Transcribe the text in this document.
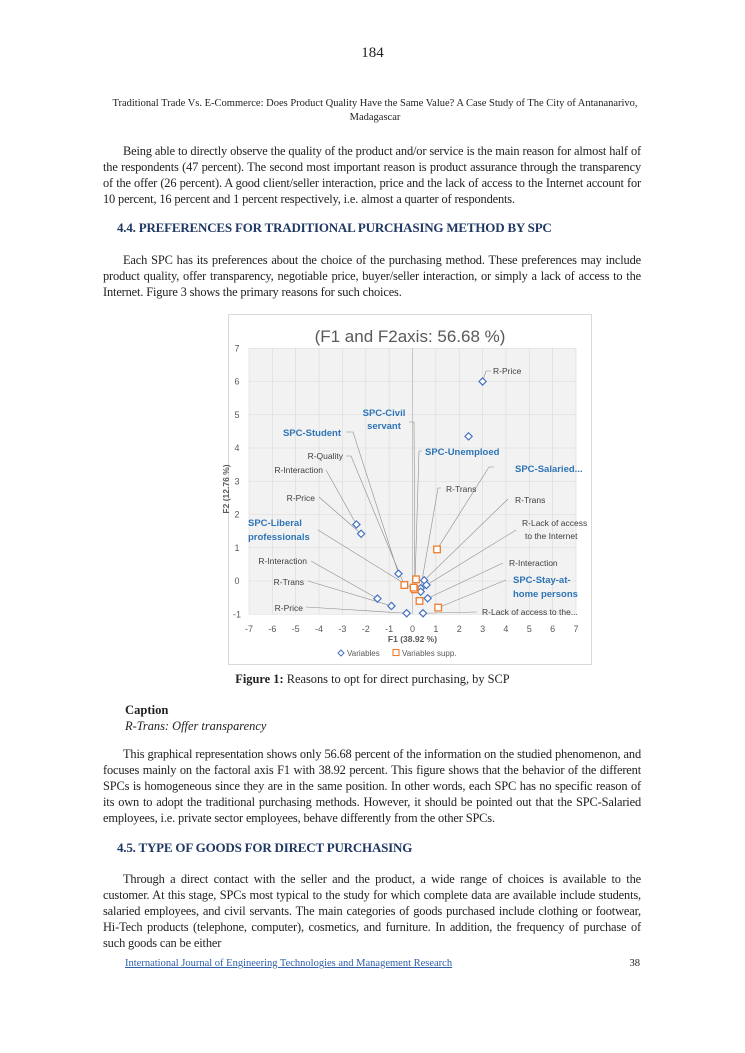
184
Traditional Trade Vs. E-Commerce: Does Product Quality Have the Same Value? A Case Study of The City of Antananarivo, Madagascar
Being able to directly observe the quality of the product and/or service is the main reason for almost half of the respondents (47 percent). The second most important reason is product assurance through the transparency of the offer (26 percent). A good client/seller interaction, price and the lack of access to the Internet account for 10 percent, 16 percent and 1 percent respectively, i.e. almost a quarter of respondents.
4.4. PREFERENCES FOR TRADITIONAL PURCHASING METHOD BY SPC
Each SPC has its preferences about the choice of the purchasing method. These preferences may include product quality, offer transparency, negotiable price, buyer/seller interaction, or simply a lack of access to the Internet. Figure 3 shows the primary reasons for such choices.
(F1 and F2axis: 56.68 %)
-7 -6 -5 -4 -3 -2 -1 0 1 2 3 4 5 6 7
-1
0
1
2
3
4
5
6
7
F1 (38.92 %)
F2 (12.76 %)
R-Price
SPC-Civil servant
SPC-Student
SPC-Unemploed
R-Quality
R-Interaction	SPC-Salaried...
R-Trans
R-Price	R-Trans
SPC-Liberal professionals
R-Lack of access to the Internet
R-Interaction	R-Interaction
R-Trans	SPC-Stay-at-home persons
R-Price	R-Lack of access to the...
Variables	Variables supp.
Figure 1: Reasons to opt for direct purchasing, by SCP
Caption
R-Trans: Offer transparency
This graphical representation shows only 56.68 percent of the information on the studied phenomenon, and focuses mainly on the factoral axis F1 with 38.92 percent. This figure shows that the behavior of the different SPCs is homogeneous since they are in the same position. In other words, each SPC has no specific reason of its own to adopt the traditional purchasing methods. However, it should be pointed out that the SPC-Salaried employees, i.e. private sector employees, behave differently from the other SPCs.
4.5. TYPE OF GOODS FOR DIRECT PURCHASING
Through a direct contact with the seller and the product, a wide range of choices is available to the customer. At this stage, SPCs most typical to the study for which complete data are available include students, salaried employees, and civil servants. The main categories of goods purchased include clothing or footwear, Hi-Tech products (telephone, computer), cosmetics, and furniture. In addition, the frequency of purchase of such goods can be either
International Journal of Engineering Technologies and Management Research	38
